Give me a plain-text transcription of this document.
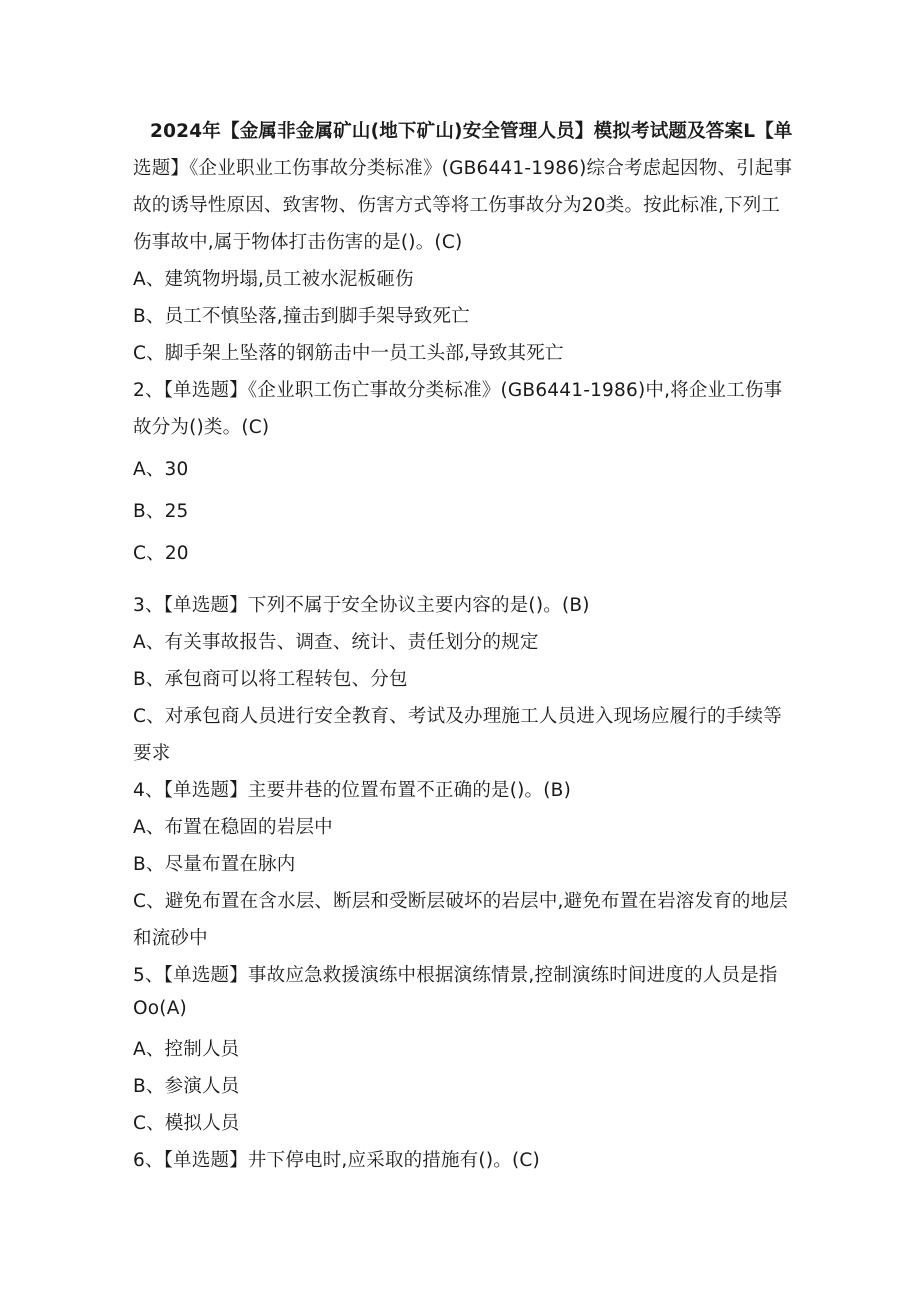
2024年【金属非金属矿山(地下矿山)安全管理人员】模拟考试题及答案L【单
选题】《企业职业工伤事故分类标准》(GB6441-1986)综合考虑起因物、引起事
故的诱导性原因、致害物、伤害方式等将工伤事故分为20类。按此标准,下列工
伤事故中,属于物体打击伤害的是()。(C)
A、建筑物坍塌,员工被水泥板砸伤
B、员工不慎坠落,撞击到脚手架导致死亡
C、脚手架上坠落的钢筋击中一员工头部,导致其死亡
2、【单选题】《企业职工伤亡事故分类标准》(GB6441-1986)中,将企业工伤事
故分为()类。(C)
A、30
B、25
C、20
3、【单选题】下列不属于安全协议主要内容的是()。(B)
A、有关事故报告、调查、统计、责任划分的规定
B、承包商可以将工程转包、分包
C、对承包商人员进行安全教育、考试及办理施工人员进入现场应履行的手续等
要求
4、【单选题】主要井巷的位置布置不正确的是()。(B)
A、布置在稳固的岩层中
B、尽量布置在脉内
C、避免布置在含水层、断层和受断层破坏的岩层中,避免布置在岩溶发育的地层
和流砂中
5、【单选题】事故应急救援演练中根据演练情景,控制演练时间进度的人员是指
Oo(A)
A、控制人员
B、参演人员
C、模拟人员
6、【单选题】井下停电时,应采取的措施有()。(C)
